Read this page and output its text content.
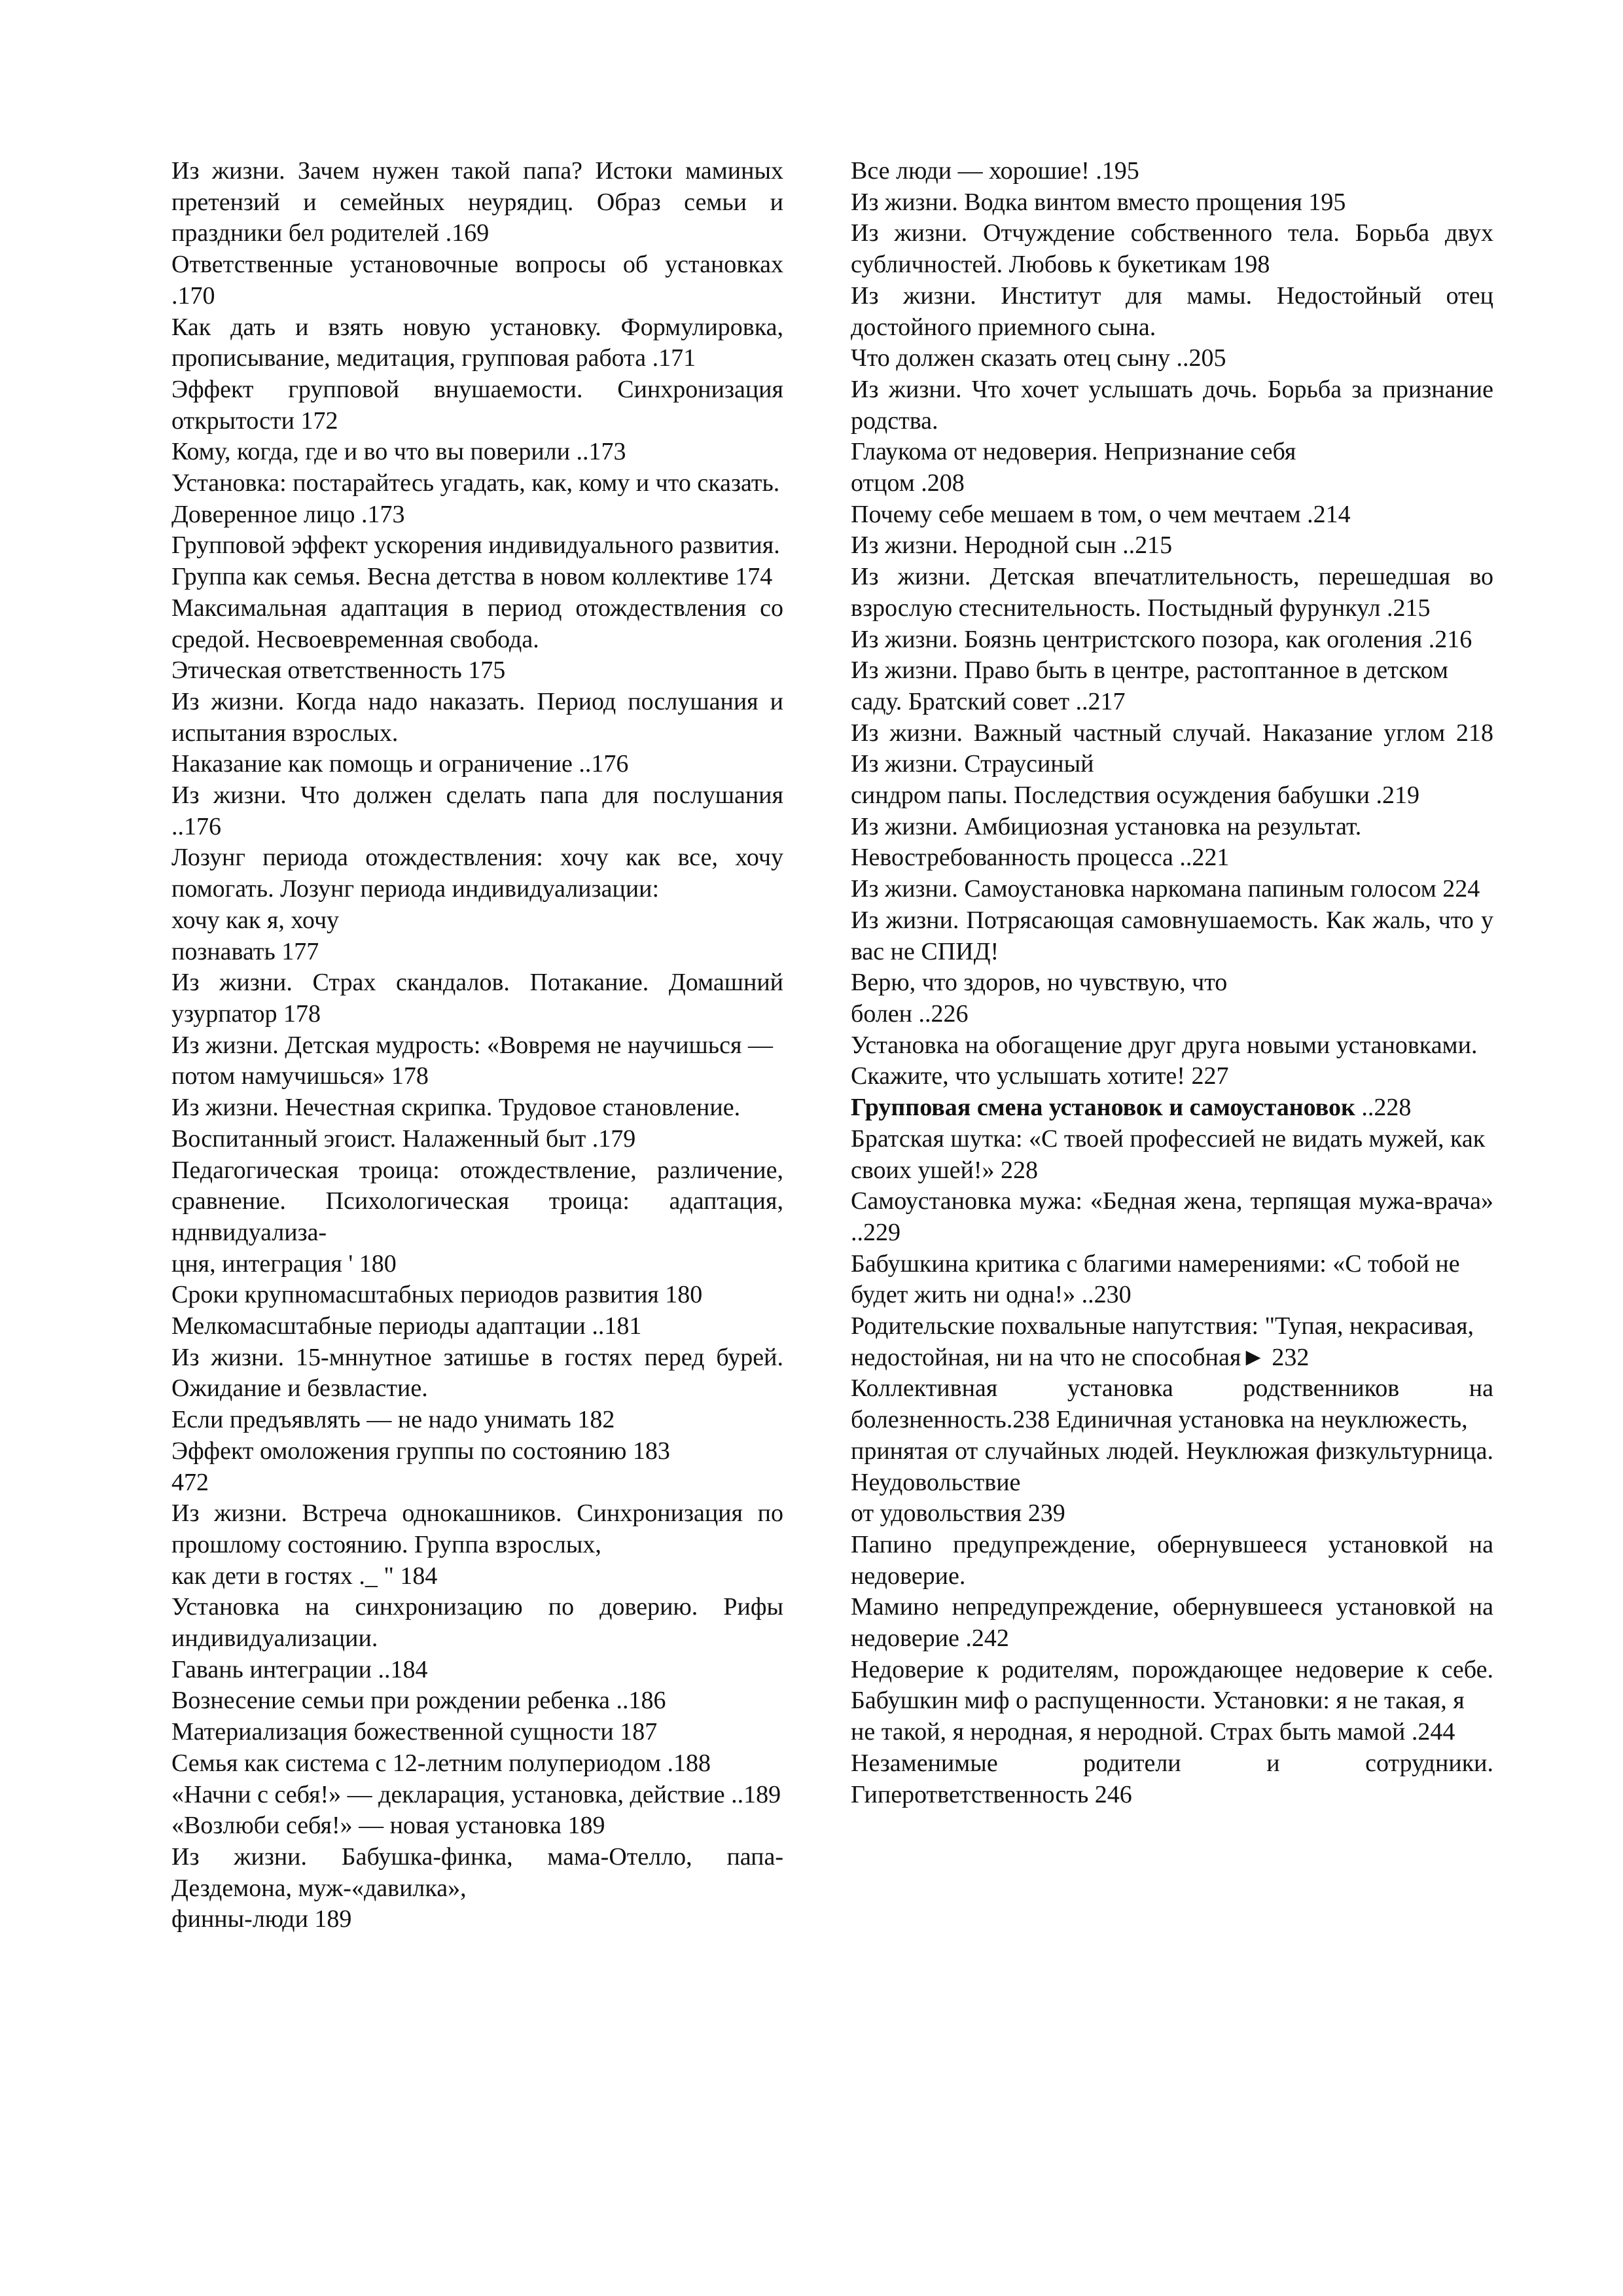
Из жизни. Зачем нужен такой папа? Истоки маминых претензий и семейных неурядиц. Образ семьи и праздники бел родителей .169

Ответственные установочные вопросы об установках .170

Как дать и взять новую установку. Формулировка, прописывание, медитация, групповая работа .171

Эффект групповой внушаемости. Синхронизация открытости 172

Кому, когда, где и во что вы поверили ..173

Установка: постарайтесь угадать, как, кому и что сказать.

Доверенное лицо .173

Групповой эффект ускорения индивидуального развития.

Группа как семья. Весна детства в новом коллективе 174

Максимальная адаптация в период отождествления со средой. Несвоевременная свобода.

Этическая ответственность 175

Из жизни. Когда надо наказать. Период послушания и испытания взрослых.

Наказание как помощь и ограничение ..176

Из жизни. Что должен сделать папа для послушания ..176

Лозунг периода отождествления: хочу как все, хочу помогать. Лозунг периода индивидуализации:

хочу как я, хочу

познавать 177

Из жизни. Страх скандалов. Потакание. Домашний узурпатор 178

Из жизни. Детская мудрость: «Вовремя не научишься —

потом намучишься» 178

Из жизни. Нечестная скрипка. Трудовое становление.

Воспитанный эгоист. Налаженный быт .179

Педагогическая троица: отождествление, различение, сравнение. Психологическая троица: адаптация, нднвидуализа-

цня, интеграция ' 180

Сроки крупномасштабных периодов развития 180

Мелкомасштабные периоды адаптации ..181

Из жизни. 15-мннутное затишье в гостях перед бурей. Ожидание и безвластие.

Если предъявлять — не надо унимать 182

Эффект омоложения группы по состоянию 183

472

Из жизни. Встреча однокашников. Синхронизация по прошлому состоянию. Группа взрослых,

как дети в гостях ._ " 184

Установка на синхронизацию по доверию. Рифы индивидуализации.

Гавань интеграции ..184

Вознесение семьи при рождении ребенка ..186

Материализация божественной сущности 187

Семья как система с 12-летним полупериодом .188

«Начни с себя!» — декларация, установка, действие ..189

«Возлюби себя!» — новая установка 189

Из жизни. Бабушка-финка, мама-Отелло, папа-Дездемона, муж-«давилка»,

финны-люди 189

Все люди — хорошие! .195

Из жизни. Водка винтом вместо прощения 195

Из жизни. Отчуждение собственного тела. Борьба двух субличностей. Любовь к букетикам 198

Из жизни. Институт для мамы. Недостойный отец достойного приемного сына.

Что должен сказать отец сыну ..205

Из жизни. Что хочет услышать дочь. Борьба за признание родства.

Глаукома от недоверия. Непризнание себя

отцом .208

Почему себе мешаем в том, о чем мечтаем .214

Из жизни. Неродной сын ..215

Из жизни. Детская впечатлительность, перешедшая во взрослую стеснительность. Постыдный фурункул .215

Из жизни. Боязнь центристского позора, как оголения .216

Из жизни. Право быть в центре, растоптанное в детском

саду. Братский совет ..217

Из жизни. Важный частный случай. Наказание углом 218 Из жизни. Страусиный

синдром папы. Последствия осуждения бабушки .219

Из жизни. Амбициозная установка на результат.

Невостребованность процесса ..221

Из жизни. Самоустановка наркомана папиным голосом 224

Из жизни. Потрясающая самовнушаемость. Как жаль, что у вас не СПИД!

Верю, что здоров, но чувствую, что

болен ..226

Установка на обогащение друг друга новыми установками.

Скажите, что услышать хотите! 227

Групповая смена установок и самоустановок ..228

Братская шутка: «С твоей профессией не видать мужей, как

своих ушей!» 228

Самоустановка мужа: «Бедная жена, терпящая мужа-врача» ..229

Бабушкина критика с благими намерениями: «С тобой не

будет жить ни одна!» ..230

Родительские похвальные напутствия: "Тупая, некрасивая,

недостойная, ни на что не способная► 232

Коллективная установка родственников на болезненность.238 Единичная установка на неуклюжесть,

принятая от случайных людей. Неуклюжая физкультурница. Неудовольствие

от удовольствия 239

Папино предупреждение, обернувшееся установкой на недоверие.

Мамино непредупреждение, обернувшееся установкой на недоверие .242

Недоверие к родителям, порождающее недоверие к себе. Бабушкин миф о распущенности. Установки: я не такая, я

не такой, я неродная, я неродной. Страх быть мамой .244

Незаменимые родители и сотрудники. Гиперответственность 246
